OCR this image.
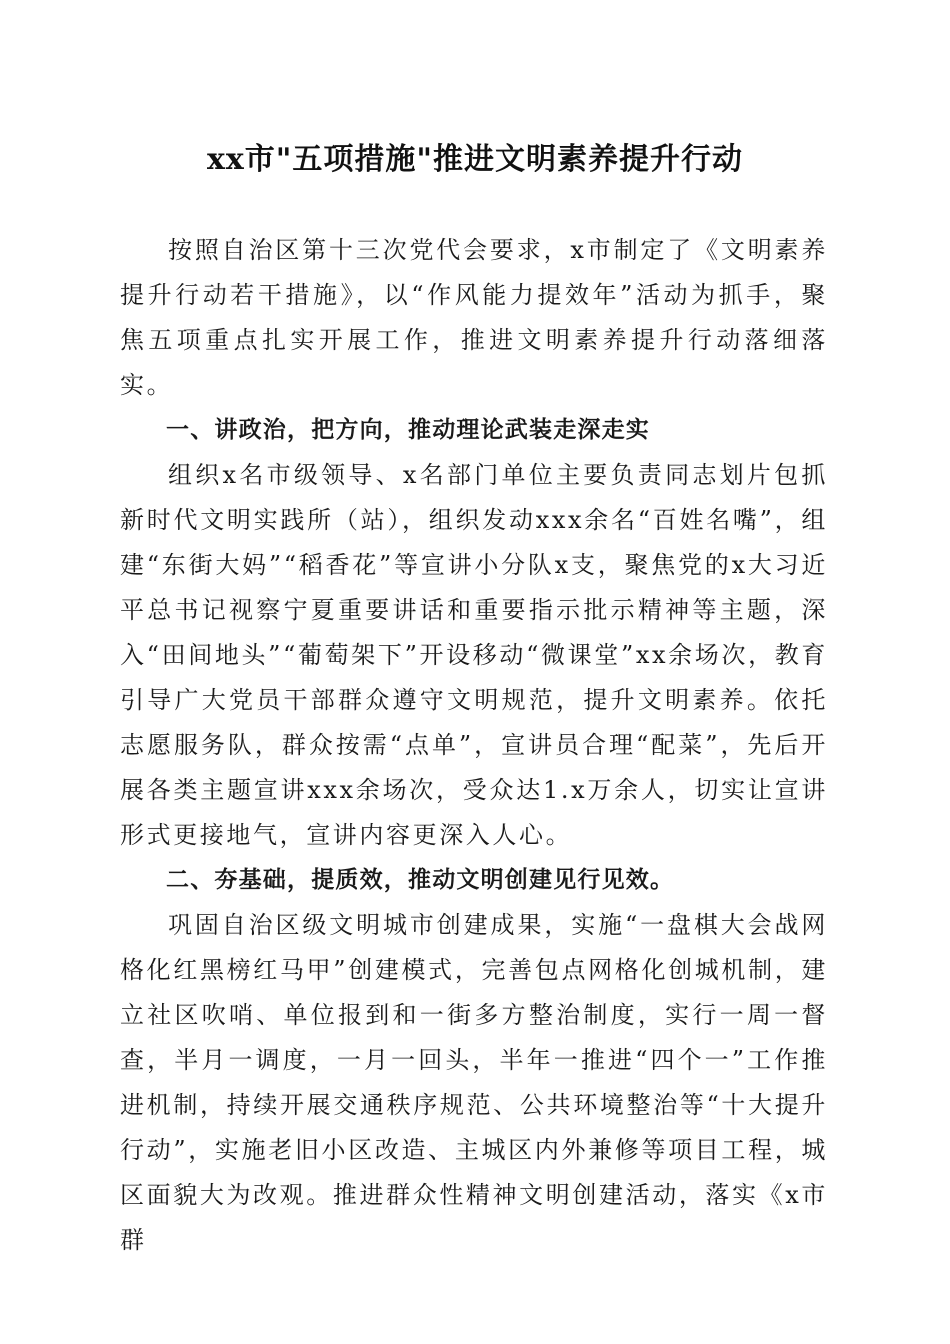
xx市"五项措施"推进文明素养提升行动

按照自治区第十三次党代会要求，x市制定了《文明素养提升行动若干措施》，以“作风能力提效年”活动为抓手，聚焦五项重点扎实开展工作，推进文明素养提升行动落细落实。

一、讲政治，把方向，推动理论武装走深走实

组织x名市级领导、x名部门单位主要负责同志划片包抓新时代文明实践所（站），组织发动xxx余名“百姓名嘴”，组建“东街大妈”“稻香花”等宣讲小分队x支，聚焦党的x大习近平总书记视察宁夏重要讲话和重要指示批示精神等主题，深入“田间地头”“葡萄架下”开设移动“微课堂”xx余场次，教育引导广大党员干部群众遵守文明规范，提升文明素养。依托志愿服务队，群众按需“点单”，宣讲员合理“配菜”，先后开展各类主题宣讲xxx余场次，受众达1.x万余人，切实让宣讲形式更接地气，宣讲内容更深入人心。

二、夯基础，提质效，推动文明创建见行见效。

巩固自治区级文明城市创建成果，实施“一盘棋大会战网格化红黑榜红马甲”创建模式，完善包点网格化创城机制，建立社区吹哨、单位报到和一街多方整治制度，实行一周一督查，半月一调度，一月一回头，半年一推进“四个一”工作推进机制，持续开展交通秩序规范、公共环境整治等“十大提升行动”，实施老旧小区改造、主城区内外兼修等项目工程，城区面貌大为改观。推进群众性精神文明创建活动，落实《x市群
